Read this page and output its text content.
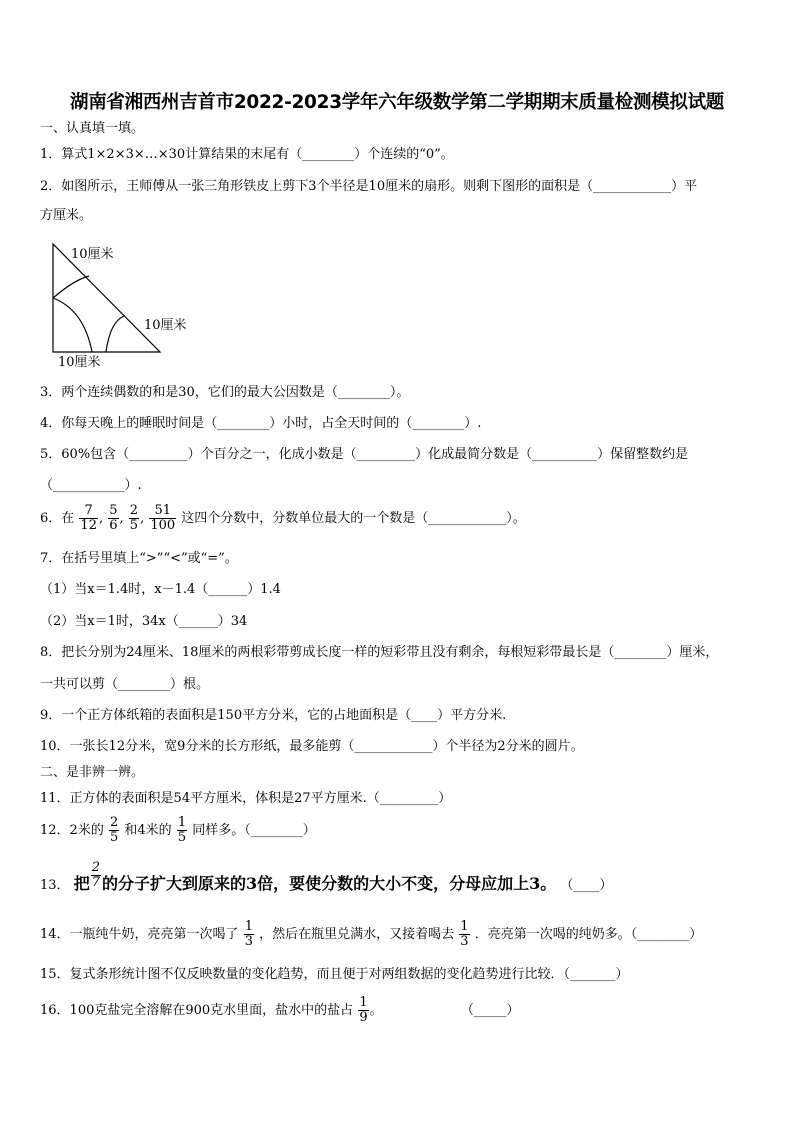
湖南省湘西州吉首市2022-2023学年六年级数学第二学期期末质量检测模拟试题
一、认真填一填。
1．算式1×2×3×…×30计算结果的末尾有（________）个连续的“0”。
2．如图所示，王师傅从一张三角形铁皮上剪下3个半径是10厘米的扇形。则剩下图形的面积是（____________）平
方厘米。
10厘米
10厘米
10厘米
3．两个连续偶数的和是30，它们的最大公因数是（________）。
4．你每天晚上的睡眠时间是（________）小时，占全天时间的（________）.
5．60%包含（_________）个百分之一，化成小数是（_________）化成最简分数是（__________）保留整数约是
（___________）.
6．在 $\frac{7}{12}$ , $\frac{5}{6}$ , $\frac{2}{5}$ , $\frac{51}{100}$ 这四个分数中，分数单位最大的一个数是（____________）。
7．在括号里填上“>”“<”或“=”。
（1）当x＝1.4时，x－1.4（______）1.4
（2）当x＝1时，34x（______）34
8．把长分别为24厘米、18厘米的两根彩带剪成长度一样的短彩带且没有剩余，每根短彩带最长是（________）厘米，
一共可以剪（________）根。
9．一个正方体纸箱的表面积是150平方分米，它的占地面积是（____）平方分米.
10．一张长12分米，宽9分米的长方形纸，最多能剪（____________）个半径为2分米的圆片。
二、是非辨一辨。
11．正方体的表面积是54平方厘米，体积是27平方厘米.（_________）
12．2米的 $\frac{2}{5}$ 和4米的 $\frac{1}{5}$ 同样多。（________）
13． 把 $\frac{2}{7}$ 的分子扩大到原来的3倍，要使分数的大小不变，分母应加上3。 （____）
14．一瓶纯牛奶，亮亮第一次喝了 $\frac{1}{3}$ ，然后在瓶里兑满水，又接着喝去 $\frac{1}{3}$ ．亮亮第一次喝的纯奶多。（________）
15．复式条形统计图不仅反映数量的变化趋势，而且便于对两组数据的变化趋势进行比较．（_______）
16．100克盐完全溶解在900克水里面，盐水中的盐占 $\frac{1}{9}$ 。	（_____）
